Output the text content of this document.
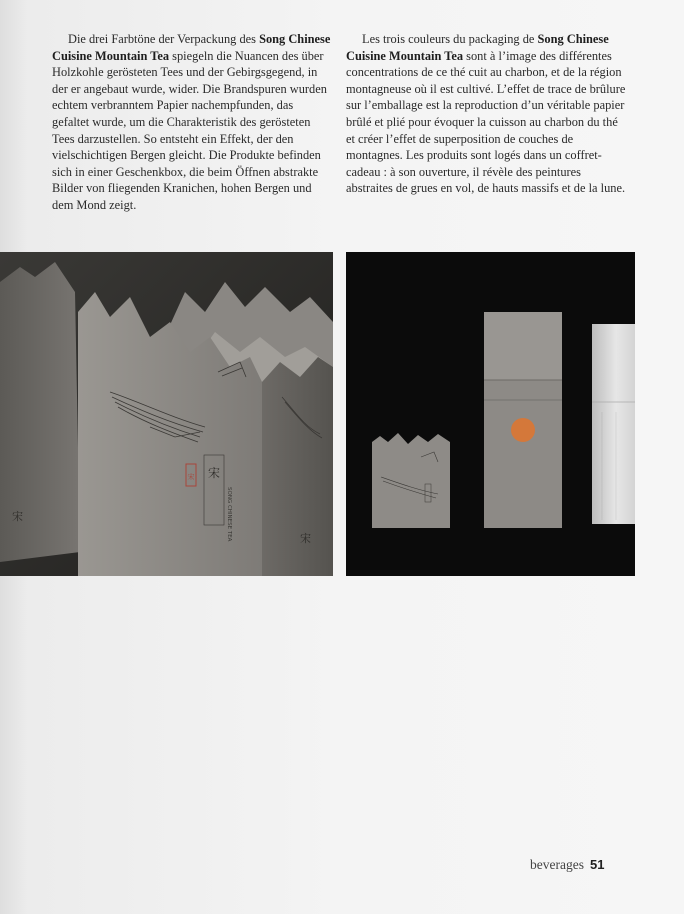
Die drei Farbtöne der Verpackung des Song Chinese Cuisine Mountain Tea spiegeln die Nuancen des über Holzkohle gerösteten Tees und der Gebirgsgegend, in der er angebaut wurde, wider. Die Brandspuren wurden echtem verbranntem Papier nachempfunden, das gefaltet wurde, um die Charakteristik des gerösteten Tees darzustellen. So entsteht ein Effekt, der den vielschichtigen Bergen gleicht. Die Produkte befinden sich in einer Geschenkbox, die beim Öffnen abstrakte Bilder von fliegenden Kranichen, hohen Bergen und dem Mond zeigt.

Les trois couleurs du packaging de Song Chinese Cuisine Mountain Tea sont à l’image des différentes concentrations de ce thé cuit au charbon, et de la région montagneuse où il est cultivé. L’effet de trace de brûlure sur l’emballage est la reproduction d’un véritable papier brûlé et plié pour évoquer la cuisson au charbon du thé et créer l’effet de superposition de couches de montagnes. Les produits sont logés dans un coffret-cadeau : à son ouverture, il révèle des peintures abstraites de grues en vol, de hauts massifs et de la lune.

宋
SONG CHINESE TEA
宋
宋
宋
beverages 51
